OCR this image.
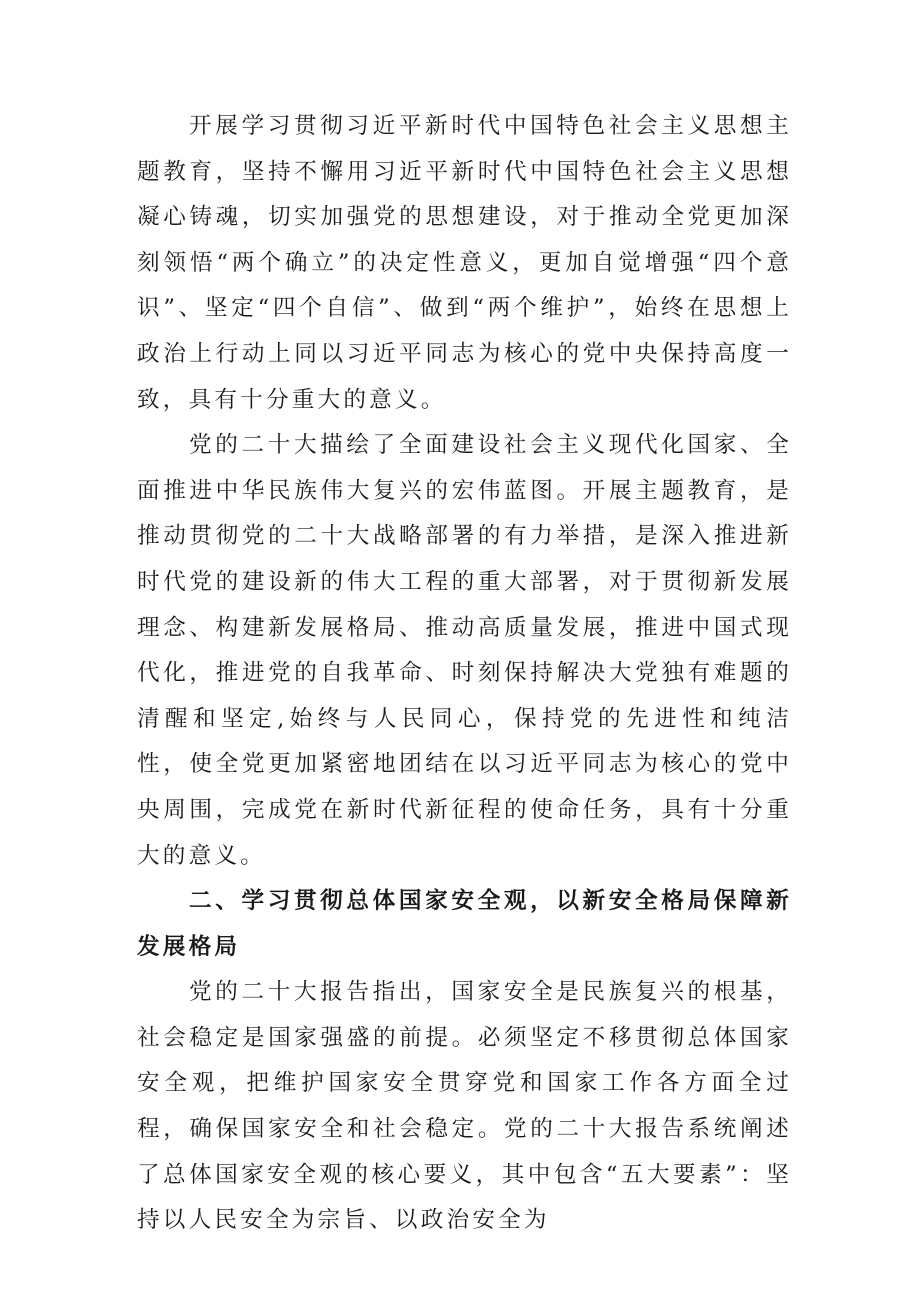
开展学习贯彻习近平新时代中国特色社会主义思想主题教育，坚持不懈用习近平新时代中国特色社会主义思想凝心铸魂，切实加强党的思想建设，对于推动全党更加深刻领悟“两个确立”的决定性意义，更加自觉增强“四个意识”、坚定“四个自信”、做到“两个维护”，始终在思想上政治上行动上同以习近平同志为核心的党中央保持高度一致，具有十分重大的意义。

党的二十大描绘了全面建设社会主义现代化国家、全面推进中华民族伟大复兴的宏伟蓝图。开展主题教育，是推动贯彻党的二十大战略部署的有力举措，是深入推进新时代党的建设新的伟大工程的重大部署，对于贯彻新发展理念、构建新发展格局、推动高质量发展，推进中国式现代化，推进党的自我革命、时刻保持解决大党独有难题的清醒和坚定,始终与人民同心，保持党的先进性和纯洁性，使全党更加紧密地团结在以习近平同志为核心的党中央周围，完成党在新时代新征程的使命任务，具有十分重大的意义。

二、学习贯彻总体国家安全观，以新安全格局保障新发展格局

党的二十大报告指出，国家安全是民族复兴的根基，社会稳定是国家强盛的前提。必须坚定不移贯彻总体国家安全观，把维护国家安全贯穿党和国家工作各方面全过程，确保国家安全和社会稳定。党的二十大报告系统阐述了总体国家安全观的核心要义，其中包含“五大要素”：坚持以人民安全为宗旨、以政治安全为
